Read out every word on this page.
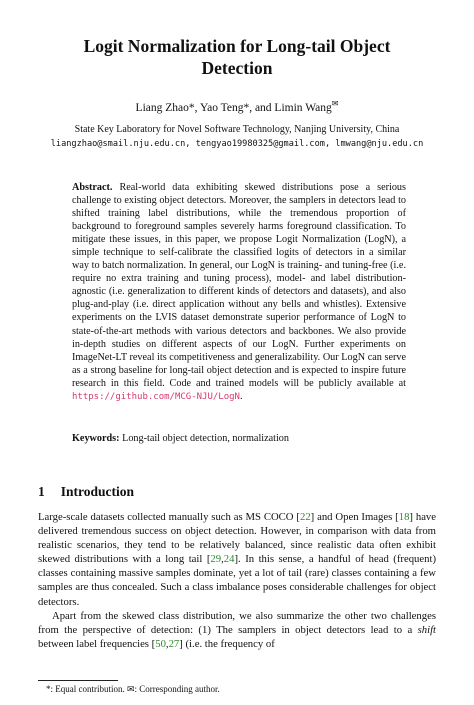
Logit Normalization for Long-tail Object
Detection
Liang Zhao*, Yao Teng*, and Limin Wang✉
State Key Laboratory for Novel Software Technology, Nanjing University, China
liangzhao@smail.nju.edu.cn, tengyao19980325@gmail.com, lmwang@nju.edu.cn
Abstract. Real-world data exhibiting skewed distributions pose a serious challenge to existing object detectors. Moreover, the samplers in detectors lead to shifted training label distributions, while the tremendous proportion of background to foreground samples severely harms foreground classification. To mitigate these issues, in this paper, we propose Logit Normalization (LogN), a simple technique to self-calibrate the classified logits of detectors in a similar way to batch normalization. In general, our LogN is training- and tuning-free (i.e. require no extra training and tuning process), model- and label distribution-agnostic (i.e. generalization to different kinds of detectors and datasets), and also plug-and-play (i.e. direct application without any bells and whistles). Extensive experiments on the LVIS dataset demonstrate superior performance of LogN to state-of-the-art methods with various detectors and backbones. We also provide in-depth studies on different aspects of our LogN. Further experiments on ImageNet-LT reveal its competitiveness and generalizability. Our LogN can serve as a strong baseline for long-tail object detection and is expected to inspire future research in this field. Code and trained models will be publicly available at https://github.com/MCG-NJU/LogN.
Keywords: Long-tail object detection, normalization
1 Introduction

Large-scale datasets collected manually such as MS COCO [22] and Open Images [18] have delivered tremendous success on object detection. However, in comparison with data from realistic scenarios, they tend to be relatively balanced, since realistic data often exhibit skewed distributions with a long tail [29,24]. In this sense, a handful of head (frequent) classes containing massive samples dominate, yet a lot of tail (rare) classes containing a few samples are thus concealed. Such a class imbalance poses considerable challenges for object detectors.

Apart from the skewed class distribution, we also summarize the other two challenges from the perspective of detection: (1) The samplers in object detectors lead to a shift between label frequencies [50,27] (i.e. the frequency of

*: Equal contribution. ✉: Corresponding author.
